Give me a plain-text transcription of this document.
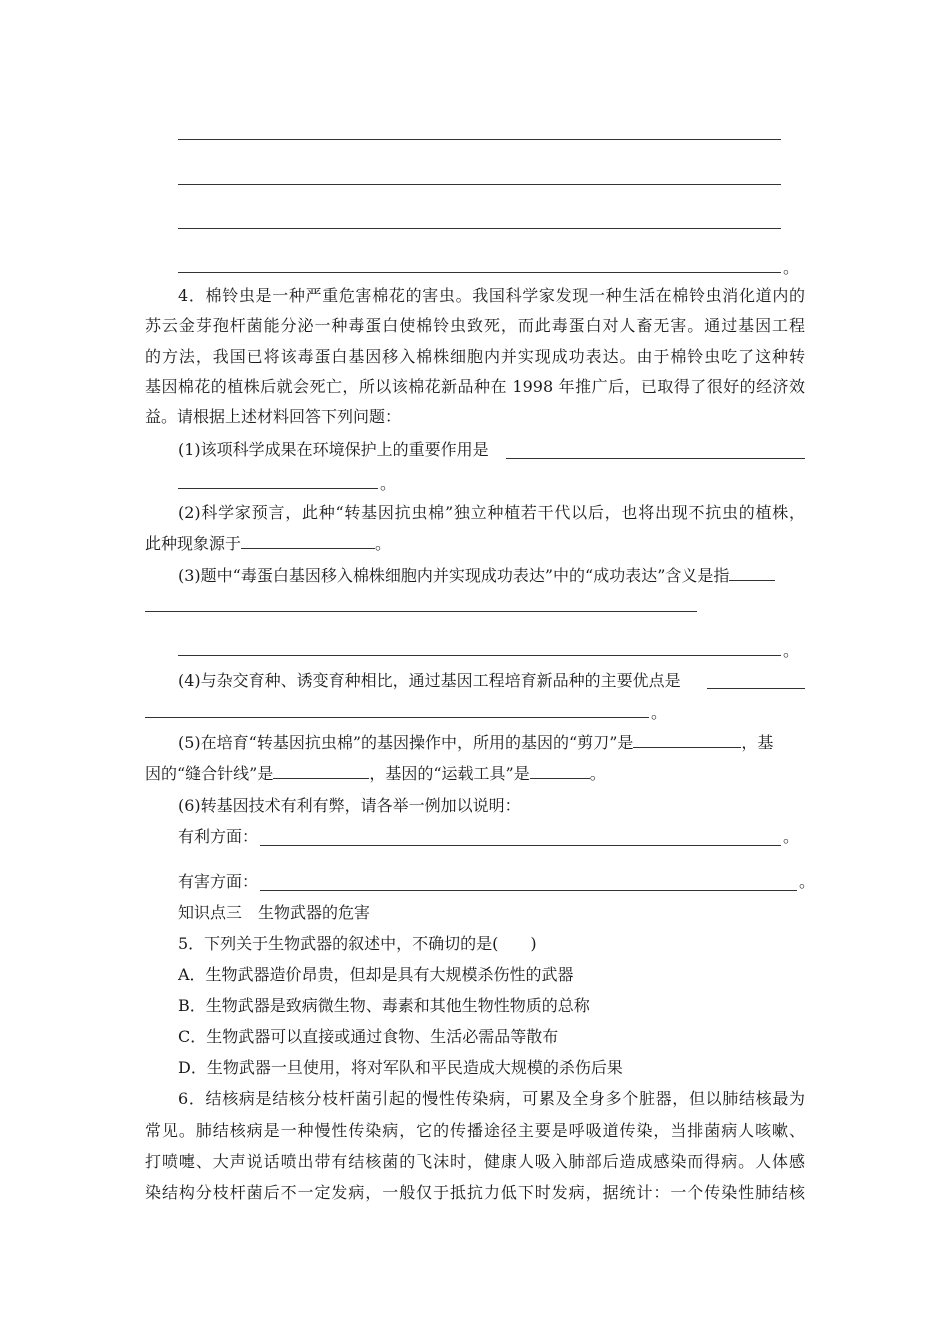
。
4．棉铃虫是一种严重危害棉花的害虫。我国科学家发现一种生活在棉铃虫消化道内的
苏云金芽孢杆菌能分泌一种毒蛋白使棉铃虫致死，而此毒蛋白对人畜无害。通过基因工程
的方法，我国已将该毒蛋白基因移入棉株细胞内并实现成功表达。由于棉铃虫吃了这种转
基因棉花的植株后就会死亡，所以该棉花新品种在 1998 年推广后，已取得了很好的经济效
益。请根据上述材料回答下列问题：
(1)该项科学成果在环境保护上的重要作用是
。
(2)科学家预言，此种“转基因抗虫棉”独立种植若干代以后，也将出现不抗虫的植株，
此种现象源于	。
(3)题中“毒蛋白基因移入棉株细胞内并实现成功表达”中的“成功表达”含义是指
。
(4)与杂交育种、诱变育种相比，通过基因工程培育新品种的主要优点是
。
(5)在培育“转基因抗虫棉”的基因操作中，所用的基因的“剪刀”是	，基
因的“缝合针线”是	，基因的“运载工具”是	。
(6)转基因技术有利有弊，请各举一例加以说明：
有利方面：	。
有害方面：	。
知识点三　生物武器的危害
5．下列关于生物武器的叙述中，不确切的是(　　)
A．生物武器造价昂贵，但却是具有大规模杀伤性的武器
B．生物武器是致病微生物、毒素和其他生物性物质的总称
C．生物武器可以直接或通过食物、生活必需品等散布
D．生物武器一旦使用，将对军队和平民造成大规模的杀伤后果
6．结核病是结核分枝杆菌引起的慢性传染病，可累及全身多个脏器，但以肺结核最为
常见。肺结核病是一种慢性传染病，它的传播途径主要是呼吸道传染，当排菌病人咳嗽、
打喷嚏、大声说话喷出带有结核菌的飞沫时，健康人吸入肺部后造成感染而得病。人体感
染结构分枝杆菌后不一定发病，一般仅于抵抗力低下时发病，据统计：一个传染性肺结核
